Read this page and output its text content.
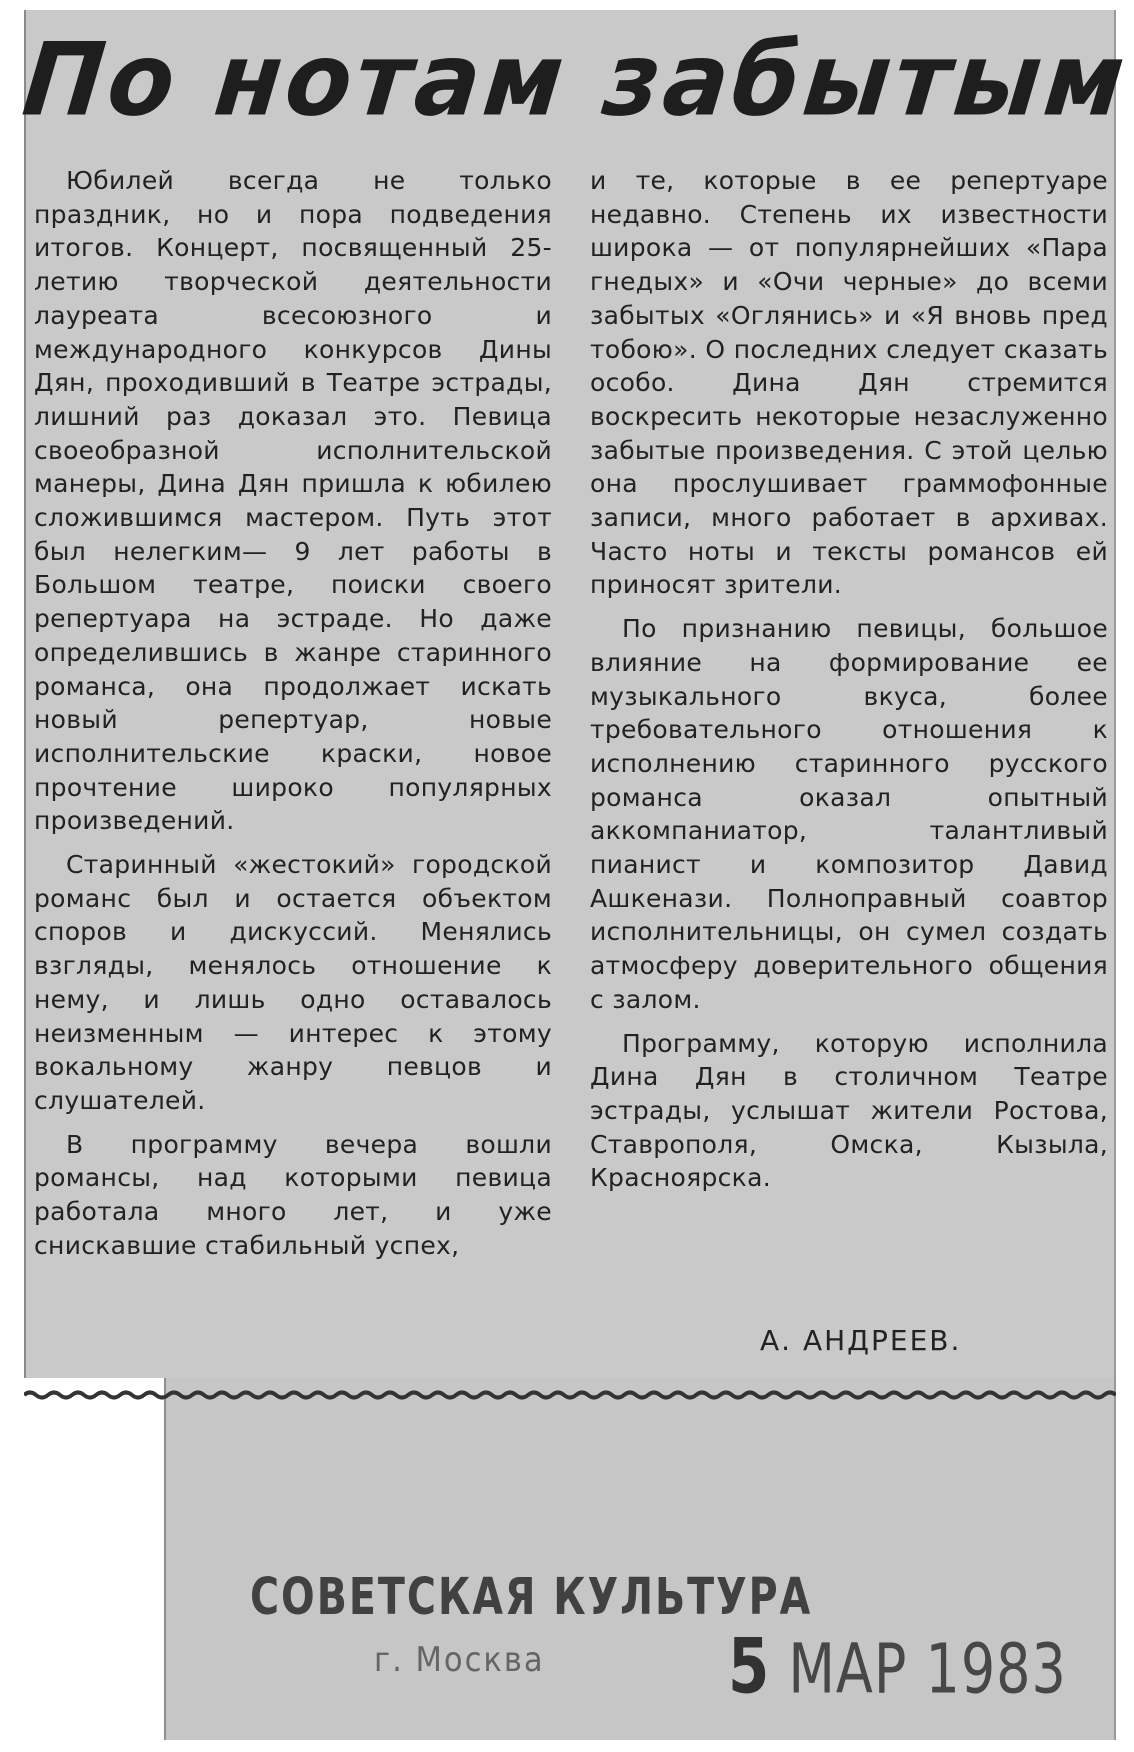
По нотам забытым

Юбилей всегда не только праздник, но и пора подведения итогов. Концерт, посвященный 25-летию творческой деятельности лауреата всесоюзного и международного конкурсов Дины Дян, проходивший в Театре эстрады, лишний раз доказал это. Певица своеобразной исполнительской манеры, Дина Дян пришла к юбилею сложившимся мастером. Путь этот был нелегким— 9 лет работы в Большом театре, поиски своего репертуара на эстраде. Но даже определившись в жанре старинного романса, она продолжает искать новый репертуар, новые исполнительские краски, новое прочтение широко популярных произведений.

Старинный «жестокий» городской романс был и остается объектом споров и дискуссий. Менялись взгляды, менялось отношение к нему, и лишь одно оставалось неизменным — интерес к этому вокальному жанру певцов и слушателей.

В программу вечера вошли романсы, над которыми певица работала много лет, и уже снискавшие стабильный успех,

и те, которые в ее репертуаре недавно. Степень их известности широка — от популярнейших «Пара гнедых» и «Очи черные» до всеми забытых «Оглянись» и «Я вновь пред тобою». О последних следует сказать особо. Дина Дян стремится воскресить некоторые незаслуженно забытые произведения. С этой целью она прослушивает граммофонные записи, много работает в архивах. Часто ноты и тексты романсов ей приносят зрители.

По признанию певицы, большое влияние на формирование ее музыкального вкуса, более требовательного отношения к исполнению старинного русского романса оказал опытный аккомпаниатор, талантливый пианист и композитор Давид Ашкенази. Полноправный соавтор исполнительницы, он сумел создать атмосферу доверительного общения с залом.

Программу, которую исполнила Дина Дян в столичном Театре эстрады, услышат жители Ростова, Ставрополя, Омска, Кызыла, Красноярска.

А. АНДРЕЕВ.
СОВЕТСКАЯ КУЛЬТУРА
г. Москва	5 МАР 1983
